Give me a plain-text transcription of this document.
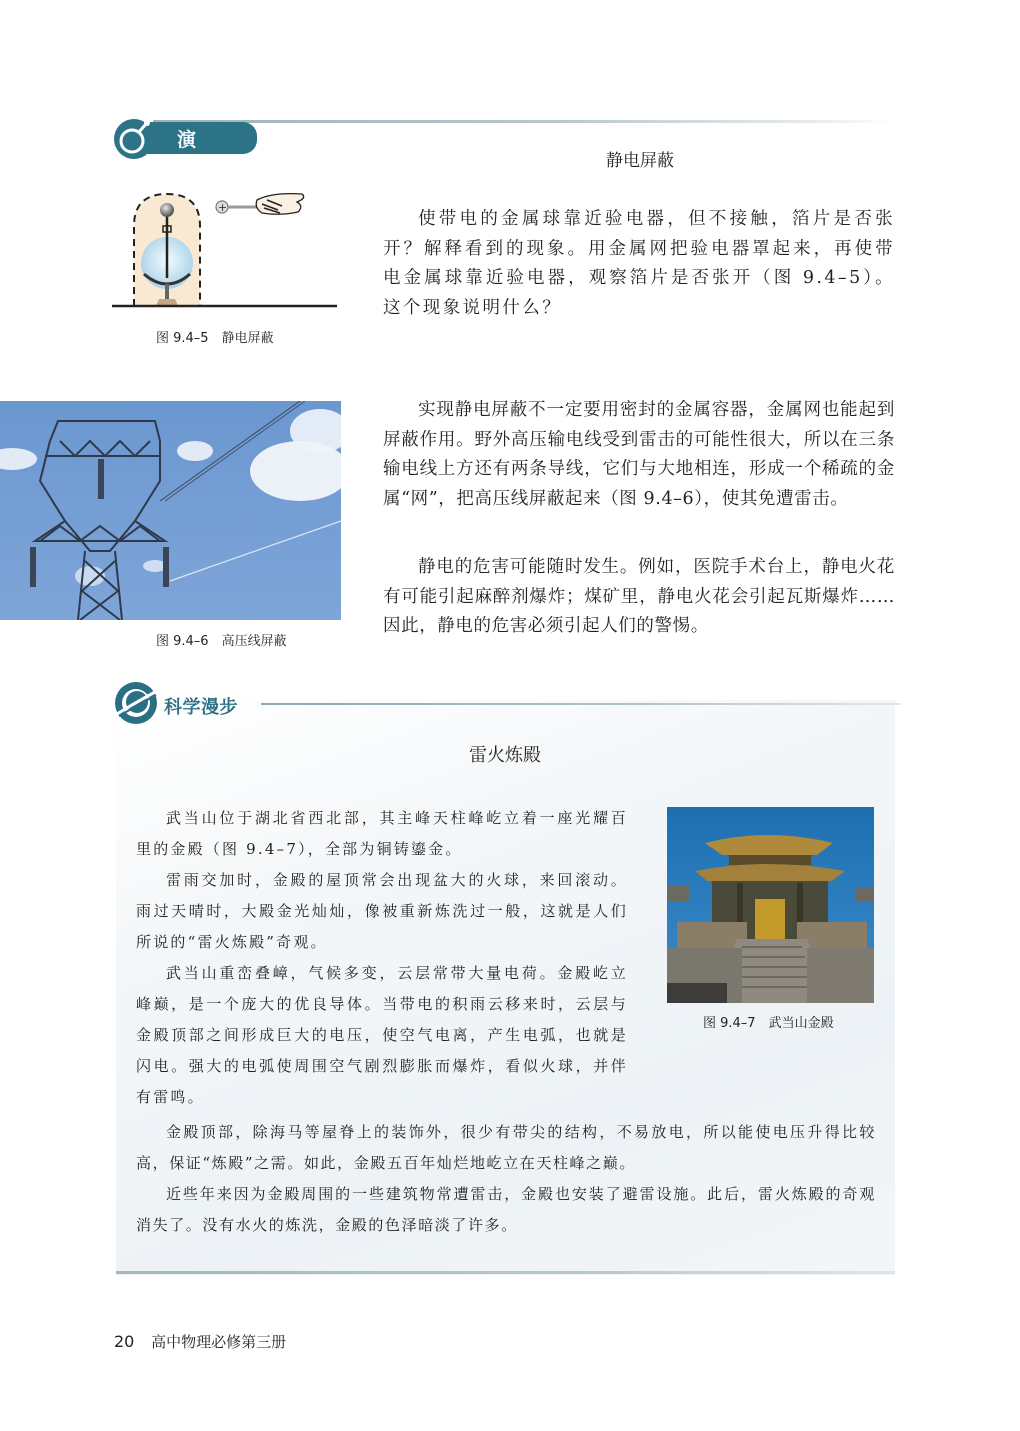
演 示	静电屏蔽

使带电的金属球靠近验电器，但不接触，箔片是否张开？解释看到的现象。用金属网把验电器罩起来，再使带电金属球靠近验电器，观察箔片是否张开（图 9.4–5）。这个现象说明什么？

+
图 9.4–5　静电屏蔽
图 9.4–6　高压线屏蔽

实现静电屏蔽不一定要用密封的金属容器，金属网也能起到屏蔽作用。野外高压输电线受到雷击的可能性很大，所以在三条输电线上方还有两条导线，它们与大地相连，形成一个稀疏的金属“网”，把高压线屏蔽起来（图 9.4–6），使其免遭雷击。

静电的危害可能随时发生。例如，医院手术台上，静电火花有可能引起麻醉剂爆炸；煤矿里，静电火花会引起瓦斯爆炸……因此，静电的危害必须引起人们的警惕。

科学漫步
雷火炼殿

武当山位于湖北省西北部，其主峰天柱峰屹立着一座光耀百里的金殿（图 9.4–7），全部为铜铸鎏金。

雷雨交加时，金殿的屋顶常会出现盆大的火球，来回滚动。雨过天晴时，大殿金光灿灿，像被重新炼洗过一般，这就是人们所说的“雷火炼殿”奇观。

武当山重峦叠嶂，气候多变，云层常带大量电荷。金殿屹立峰巅，是一个庞大的优良导体。当带电的积雨云移来时，云层与金殿顶部之间形成巨大的电压，使空气电离，产生电弧，也就是闪电。强大的电弧使周围空气剧烈膨胀而爆炸，看似火球，并伴有雷鸣。

金殿顶部，除海马等屋脊上的装饰外，很少有带尖的结构，不易放电，所以能使电压升得比较高，保证“炼殿”之需。如此，金殿五百年灿烂地屹立在天柱峰之巅。

近些年来因为金殿周围的一些建筑物常遭雷击，金殿也安装了避雷设施。此后，雷火炼殿的奇观消失了。没有水火的炼洗，金殿的色泽暗淡了许多。

图 9.4–7　武当山金殿
20 高中物理必修第三册
